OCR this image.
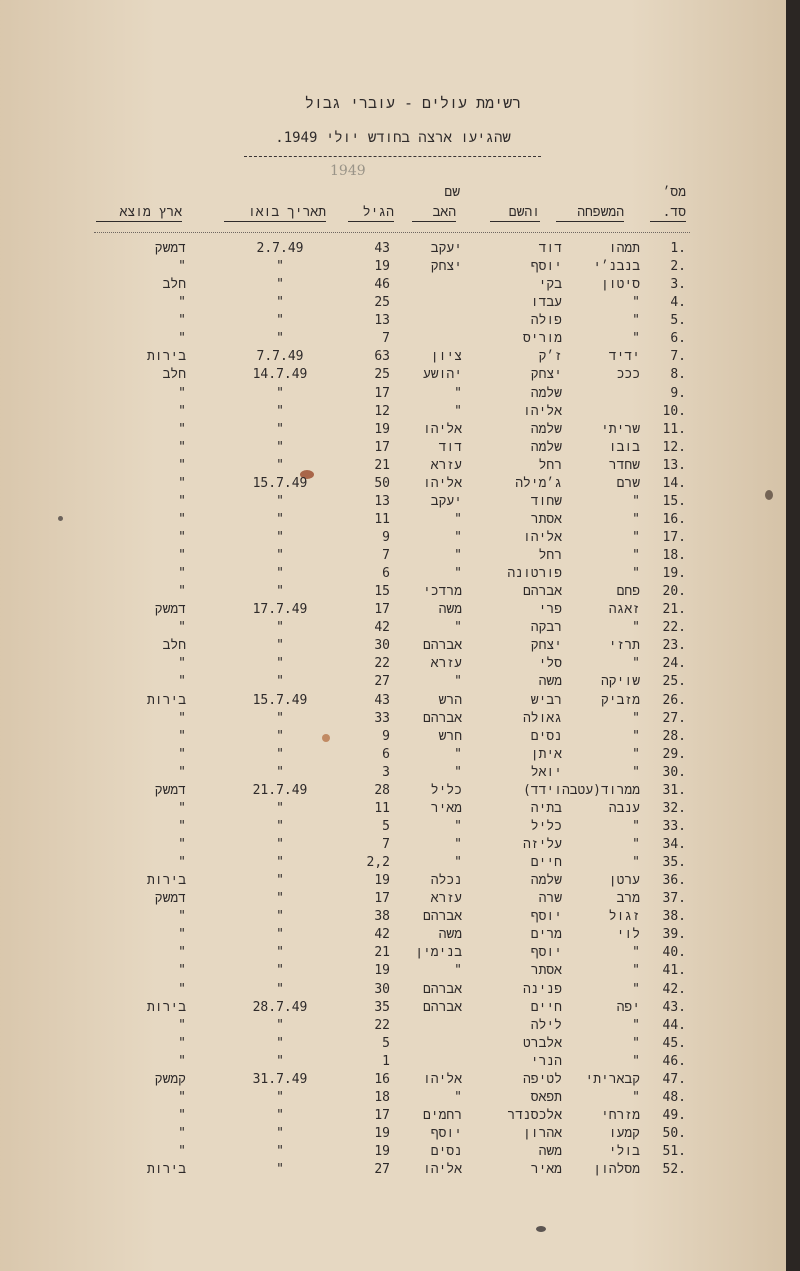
רשימת עולים - עוברי גבול
שהגיעו ארצה בחודש יולי 1949.
1949
מס׳
סד.
המשפחה
והשם
שם
האב
הגיל
תאריך בואו
ארץ מוצא
1.
תמהו
דוד
יעקב
43
2.7.49
דמשק
2.
בנבנ׳י
יוסף
יצחק
19
"
"
3.
סיטון
בקי
46
"
חלב
4.
"
עבדו
25
"
"
5.
"
פולה
13
"
"
6.
"
מוריס
7
"
"
7.
ידיד
ז׳ק
ציון
63
7.7.49
בירות
8.
כככ
יצחק
יהושע
25
14.7.49
חלב
9.
שלמה
"
17
"
"
10.
אליהו
"
12
"
"
11.
שריתי
שלמה
אליהו
19
"
"
12.
בובו
שלמה
דוד
17
"
"
13.
שחדר
רחל
עזרא
21
"
"
14.
שרם
ג׳מילה
אליהו
50
15.7.49
"
15.
"
שחוד
יעקב
13
"
"
16.
"
אסתר
"
11
"
"
17.
"
אליהו
"
9
"
"
18.
"
רחל
"
7
"
"
19.
"
פורטונה
"
6
"
"
20.
פחם
אברהם
מרדכי
15
"
"
21.
זאגה
פרי
משה
17
17.7.49
דמשק
22.
"
רבקה
"
42
"
"
23.
תרזי
יצחק
אברהם
30
"
חלב
24.
"
סלי
עזרא
22
"
"
25.
שויקה
משה
"
27
"
"
26.
מזביק
רביש
הרש
43
15.7.49
בירות
27.
"
גאולה
אברהם
33
"
"
28.
"
נסים
חרש
9
"
"
29.
"
איתן
"
6
"
"
30.
"
יואל
"
3
"
"
31.
ממרוד(עטבה
וידד)
כליל
28
21.7.49
דמשק
32.
ענבה
בתיה
מאיר
11
"
"
33.
"
כליל
"
5
"
"
34.
"
עליזה
"
7
"
"
35.
"
חיים
"
2,2
"
"
36.
ערטן
שלמה
נכלה
19
"
בירות
37.
מרב
שרה
עזרא
17
"
דמשק
38.
זגול
יוסף
אברהם
38
"
"
39.
לוי
מרים
משה
42
"
"
40.
"
יוסף
בנימין
21
"
"
41.
"
אסתר
"
19
"
"
42.
"
פנינה
אברהם
30
"
"
43.
יפה
חיים
אברהם
35
28.7.49
בירות
44.
"
לילה
22
"
"
45.
"
אלברט
5
"
"
46.
"
הנרי
1
"
"
47.
קבאריתי
לטיפה
אליהו
16
31.7.49
קמשק
48.
"
תפאס
"
18
"
"
49.
מזרחי
אלכסנדר
רחמים
17
"
"
50.
קמעו
אהרון
יוסף
19
"
"
51.
בולי
משה
נסים
19
"
"
52.
מסלהון
מאיר
אליהו
27
"
בירות
